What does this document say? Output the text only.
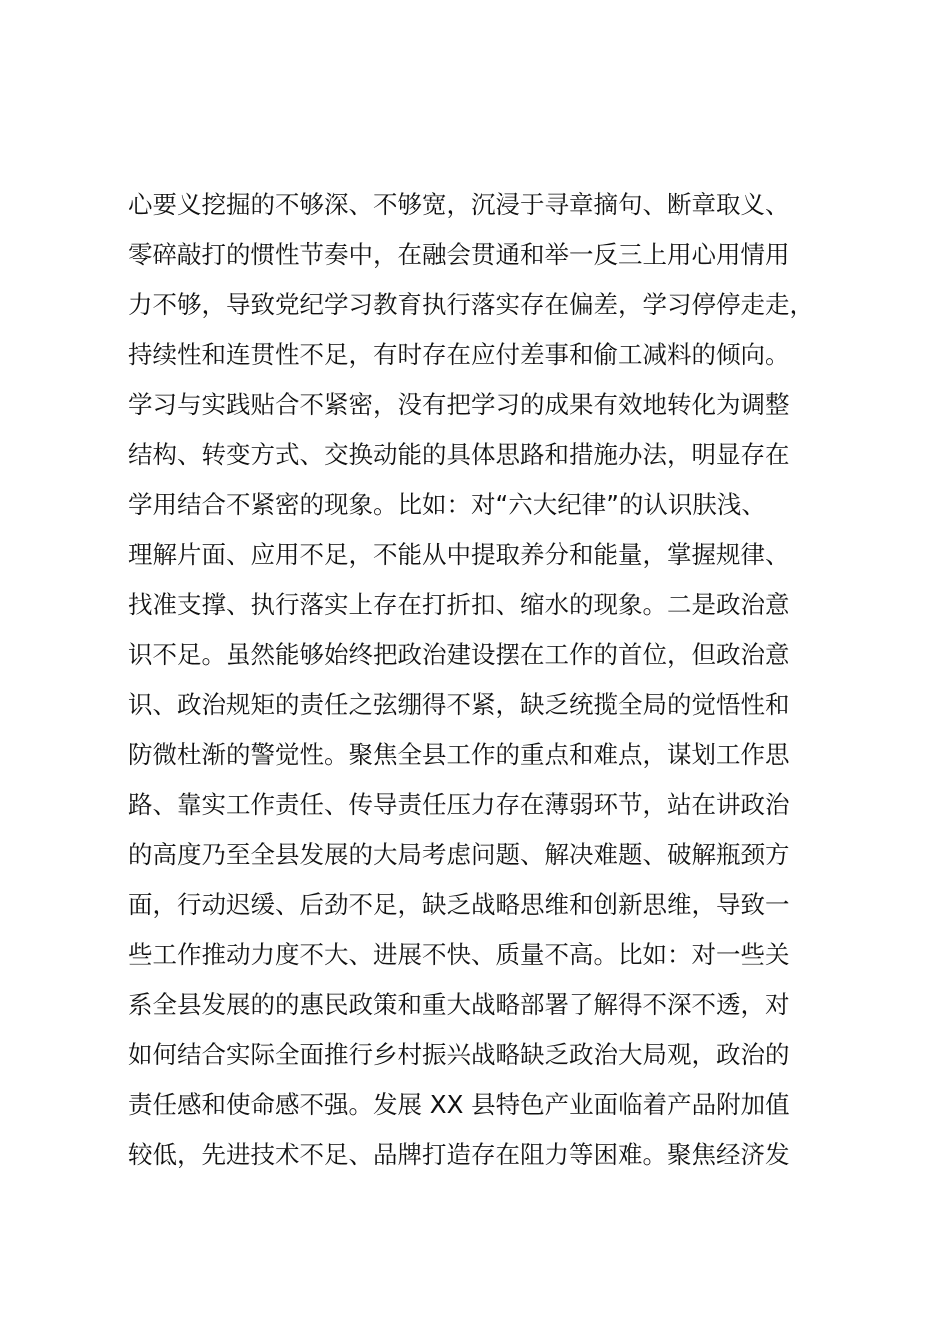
心要义挖掘的不够深、不够宽，沉浸于寻章摘句、断章取义、
零碎敲打的惯性节奏中，在融会贯通和举一反三上用心用情用
力不够，导致党纪学习教育执行落实存在偏差，学习停停走走，
持续性和连贯性不足，有时存在应付差事和偷工减料的倾向。
学习与实践贴合不紧密，没有把学习的成果有效地转化为调整
结构、转变方式、交换动能的具体思路和措施办法，明显存在
学用结合不紧密的现象。比如：对“六大纪律”的认识肤浅、
理解片面、应用不足，不能从中提取养分和能量，掌握规律、
找准支撑、执行落实上存在打折扣、缩水的现象。二是政治意
识不足。虽然能够始终把政治建设摆在工作的首位，但政治意
识、政治规矩的责任之弦绷得不紧，缺乏统揽全局的觉悟性和
防微杜渐的警觉性。聚焦全县工作的重点和难点，谋划工作思
路、靠实工作责任、传导责任压力存在薄弱环节，站在讲政治
的高度乃至全县发展的大局考虑问题、解决难题、破解瓶颈方
面，行动迟缓、后劲不足，缺乏战略思维和创新思维，导致一
些工作推动力度不大、进展不快、质量不高。比如：对一些关
系全县发展的的惠民政策和重大战略部署了解得不深不透，对
如何结合实际全面推行乡村振兴战略缺乏政治大局观，政治的
责任感和使命感不强。发展 XX 县特色产业面临着产品附加值
较低，先进技术不足、品牌打造存在阻力等困难。聚焦经济发
